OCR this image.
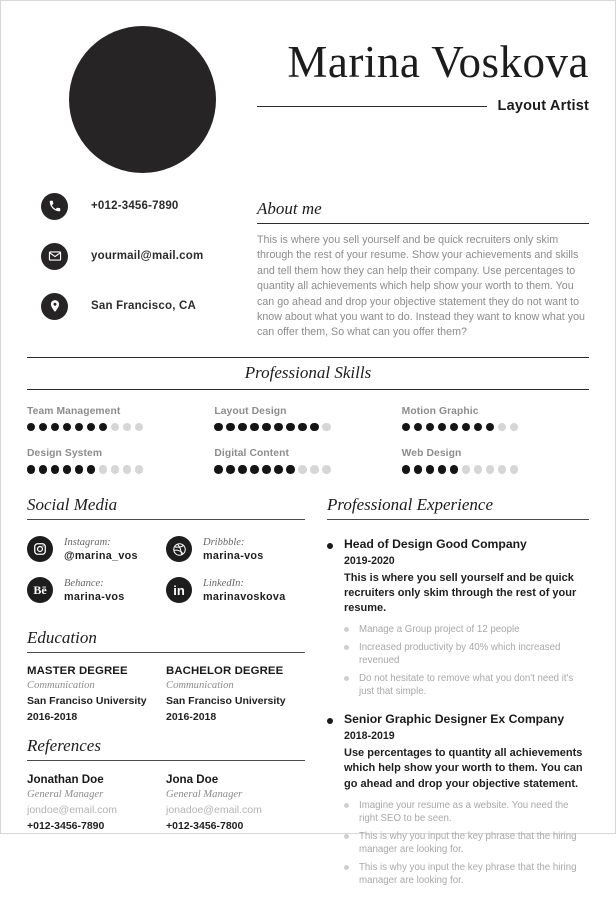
Marina Voskova
Layout Artist
+012-3456-7890
yourmail@mail.com
San Francisco, CA
About me
This is where you sell yourself and be quick recruiters only skim through the rest of your resume. Show your achievements and skills and tell them how they can help their company. Use percentages to quantity all achievements which help show your worth to them. You can go ahead and drop your objective statement they do not want to know about what you want to do. Instead they want to know what you can offer them, So what can you offer them?
Professional Skills
Team Management
Design System
Layout Design
Digital Content
Motion Graphic
Web Design
Social Media
Instagram:
@marina_vos
Dribbble:
marina-vos
Bē Behance:
marina-vos	in LinkedIn:
marinavoskova
Education
MASTER DEGREE
Communication
San Franciso University
2016-2018
BACHELOR DEGREE
Communication
San Franciso University
2016-2018
References
Jonathan Doe
General Manager
jondoe@email.com
+012-3456-7890
Jona Doe
General Manager
jonadoe@email.com
+012-3456-7800
Professional Experience
Head of Design Good Company
2019-2020
This is where you sell yourself and be quick recruiters only skim through the rest of your resume.
Manage a Group project of 12 people
Increased productivity by 40% which increased revenued
Do not hesitate to remove what you don't need it's just that simple.
Senior Graphic Designer Ex Company
2018-2019
Use percentages to quantity all achievements which help show your worth to them. You can go ahead and drop your objective statement.
Imagine your resume as a website. You need the right SEO to be seen.
This is why you input the key phrase that the hiring manager are looking for.
This is why you input the key phrase that the hiring manager are looking for.
